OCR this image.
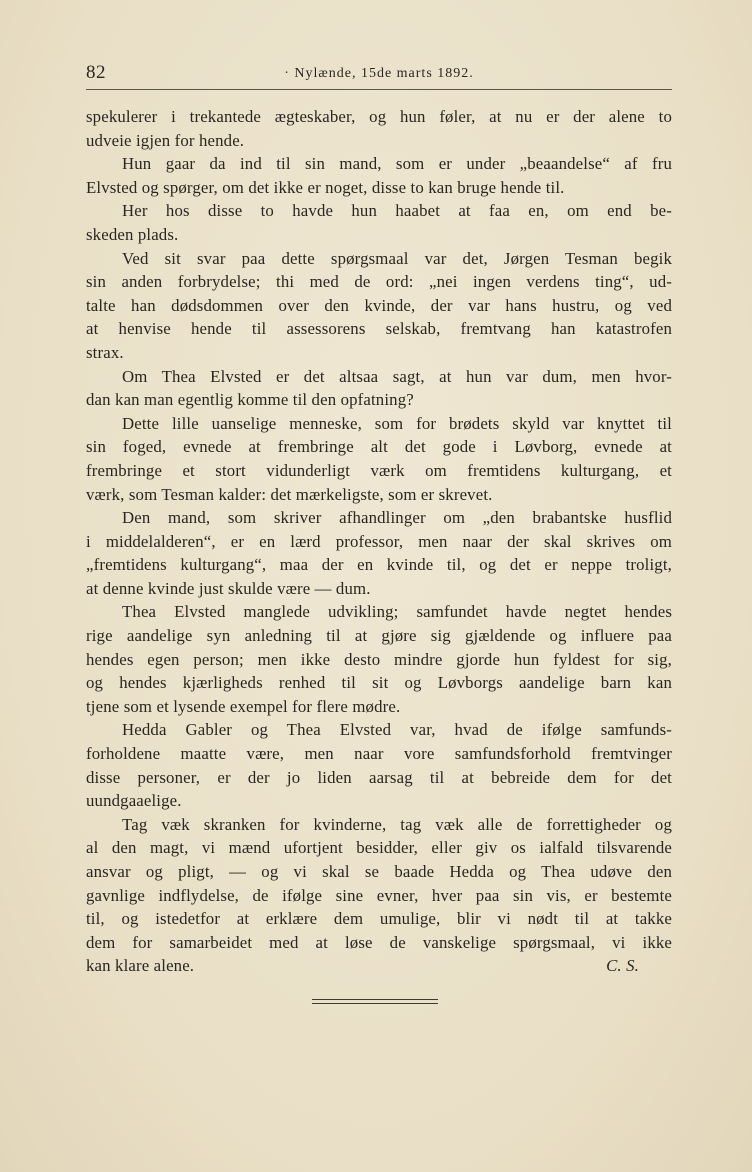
82	· Nylænde, 15de marts 1892.
spekulerer i trekantede ægteskaber, og hun føler, at nu er der alene to
udveie igjen for hende.
Hun gaar da ind til sin mand, som er under „beaandelse“ af fru
Elvsted og spørger, om det ikke er noget, disse to kan bruge hende til.
Her hos disse to havde hun haabet at faa en, om end be-
skeden plads.
Ved sit svar paa dette spørgsmaal var det, Jørgen Tesman begik
sin anden forbrydelse; thi med de ord: „nei ingen verdens ting“, ud-
talte han dødsdommen over den kvinde, der var hans hustru, og ved
at henvise hende til assessorens selskab, fremtvang han katastrofen
strax.
Om Thea Elvsted er det altsaa sagt, at hun var dum, men hvor-
dan kan man egentlig komme til den opfatning?
Dette lille uanselige menneske, som for brødets skyld var knyttet til
sin foged, evnede at frembringe alt det gode i Løvborg, evnede at
frembringe et stort vidunderligt værk om fremtidens kulturgang, et
værk, som Tesman kalder: det mærkeligste, som er skrevet.
Den mand, som skriver afhandlinger om „den brabantske husflid
i middelalderen“, er en lærd professor, men naar der skal skrives om
„fremtidens kulturgang“, maa der en kvinde til, og det er neppe troligt,
at denne kvinde just skulde være — dum.
Thea Elvsted manglede udvikling; samfundet havde negtet hendes
rige aandelige syn anledning til at gjøre sig gjældende og influere paa
hendes egen person; men ikke desto mindre gjorde hun fyldest for sig,
og hendes kjærligheds renhed til sit og Løvborgs aandelige barn kan
tjene som et lysende exempel for flere mødre.
Hedda Gabler og Thea Elvsted var, hvad de ifølge samfunds-
forholdene maatte være, men naar vore samfundsforhold fremtvinger
disse personer, er der jo liden aarsag til at bebreide dem for det
uundgaaelige.
Tag væk skranken for kvinderne, tag væk alle de forrettigheder og
al den magt, vi mænd ufortjent besidder, eller giv os ialfald tilsvarende
ansvar og pligt, — og vi skal se baade Hedda og Thea udøve den
gavnlige indflydelse, de ifølge sine evner, hver paa sin vis, er bestemte
til, og istedetfor at erklære dem umulige, blir vi nødt til at takke
dem for samarbeidet med at løse de vanskelige spørgsmaal, vi ikke
kan klare alene.	C. S.
